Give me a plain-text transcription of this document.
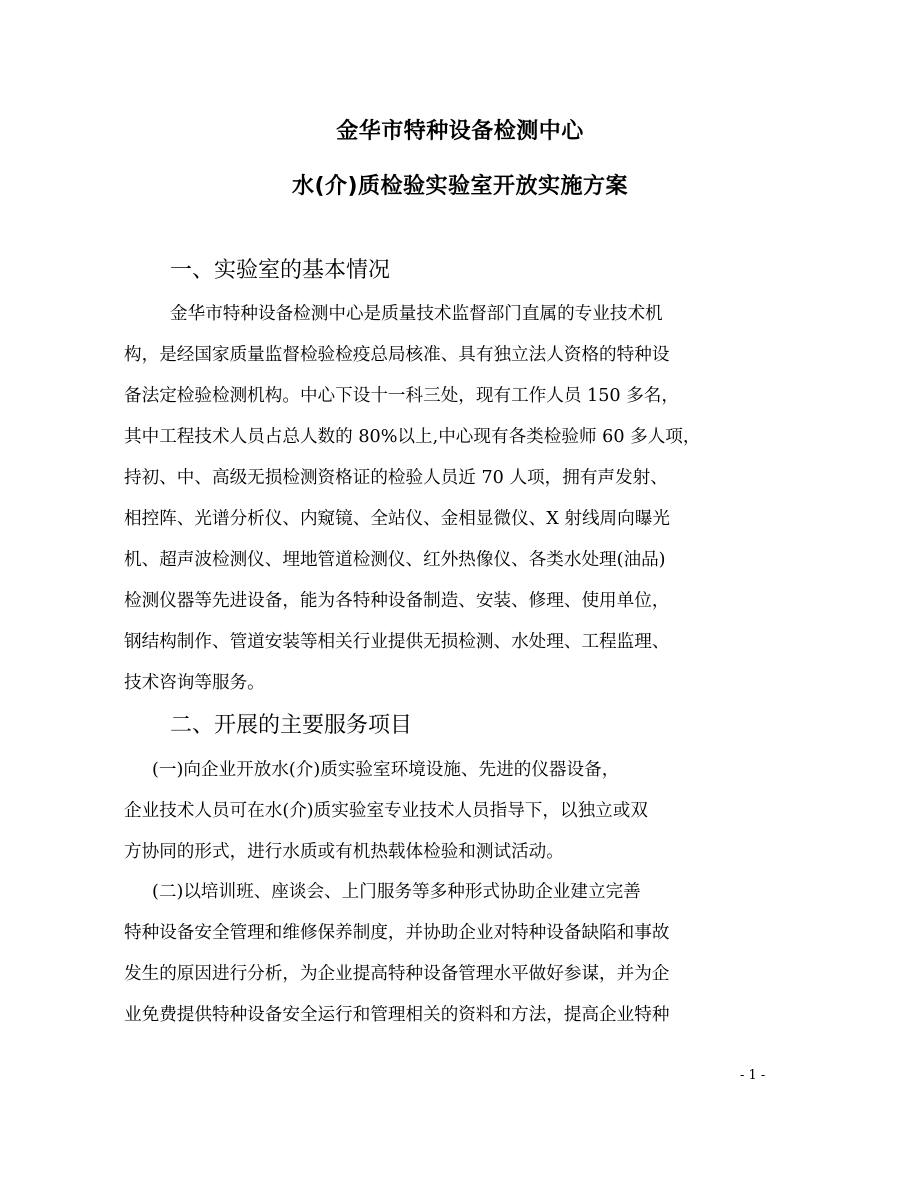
金华市特种设备检测中心
水(介)质检验实验室开放实施方案
一、实验室的基本情况
金华市特种设备检测中心是质量技术监督部门直属的专业技术机
构，是经国家质量监督检验检疫总局核准、具有独立法人资格的特种设
备法定检验检测机构。中心下设十一科三处，现有工作人员 150 多名，
其中工程技术人员占总人数的 80%以上,中心现有各类检验师 60 多人项，
持初、中、高级无损检测资格证的检验人员近 70 人项，拥有声发射、
相控阵、光谱分析仪、内窥镜、全站仪、金相显微仪、X 射线周向曝光
机、超声波检测仪、埋地管道检测仪、红外热像仪、各类水处理(油品)
检测仪器等先进设备，能为各特种设备制造、安装、修理、使用单位，
钢结构制作、管道安装等相关行业提供无损检测、水处理、工程监理、
技术咨询等服务。
二、开展的主要服务项目
(一)向企业开放水(介)质实验室环境设施、先进的仪器设备，
企业技术人员可在水(介)质实验室专业技术人员指导下，以独立或双
方协同的形式，进行水质或有机热载体检验和测试活动。
(二)以培训班、座谈会、上门服务等多种形式协助企业建立完善
特种设备安全管理和维修保养制度，并协助企业对特种设备缺陷和事故
发生的原因进行分析，为企业提高特种设备管理水平做好参谋，并为企
业免费提供特种设备安全运行和管理相关的资料和方法，提高企业特种
- 1 -
